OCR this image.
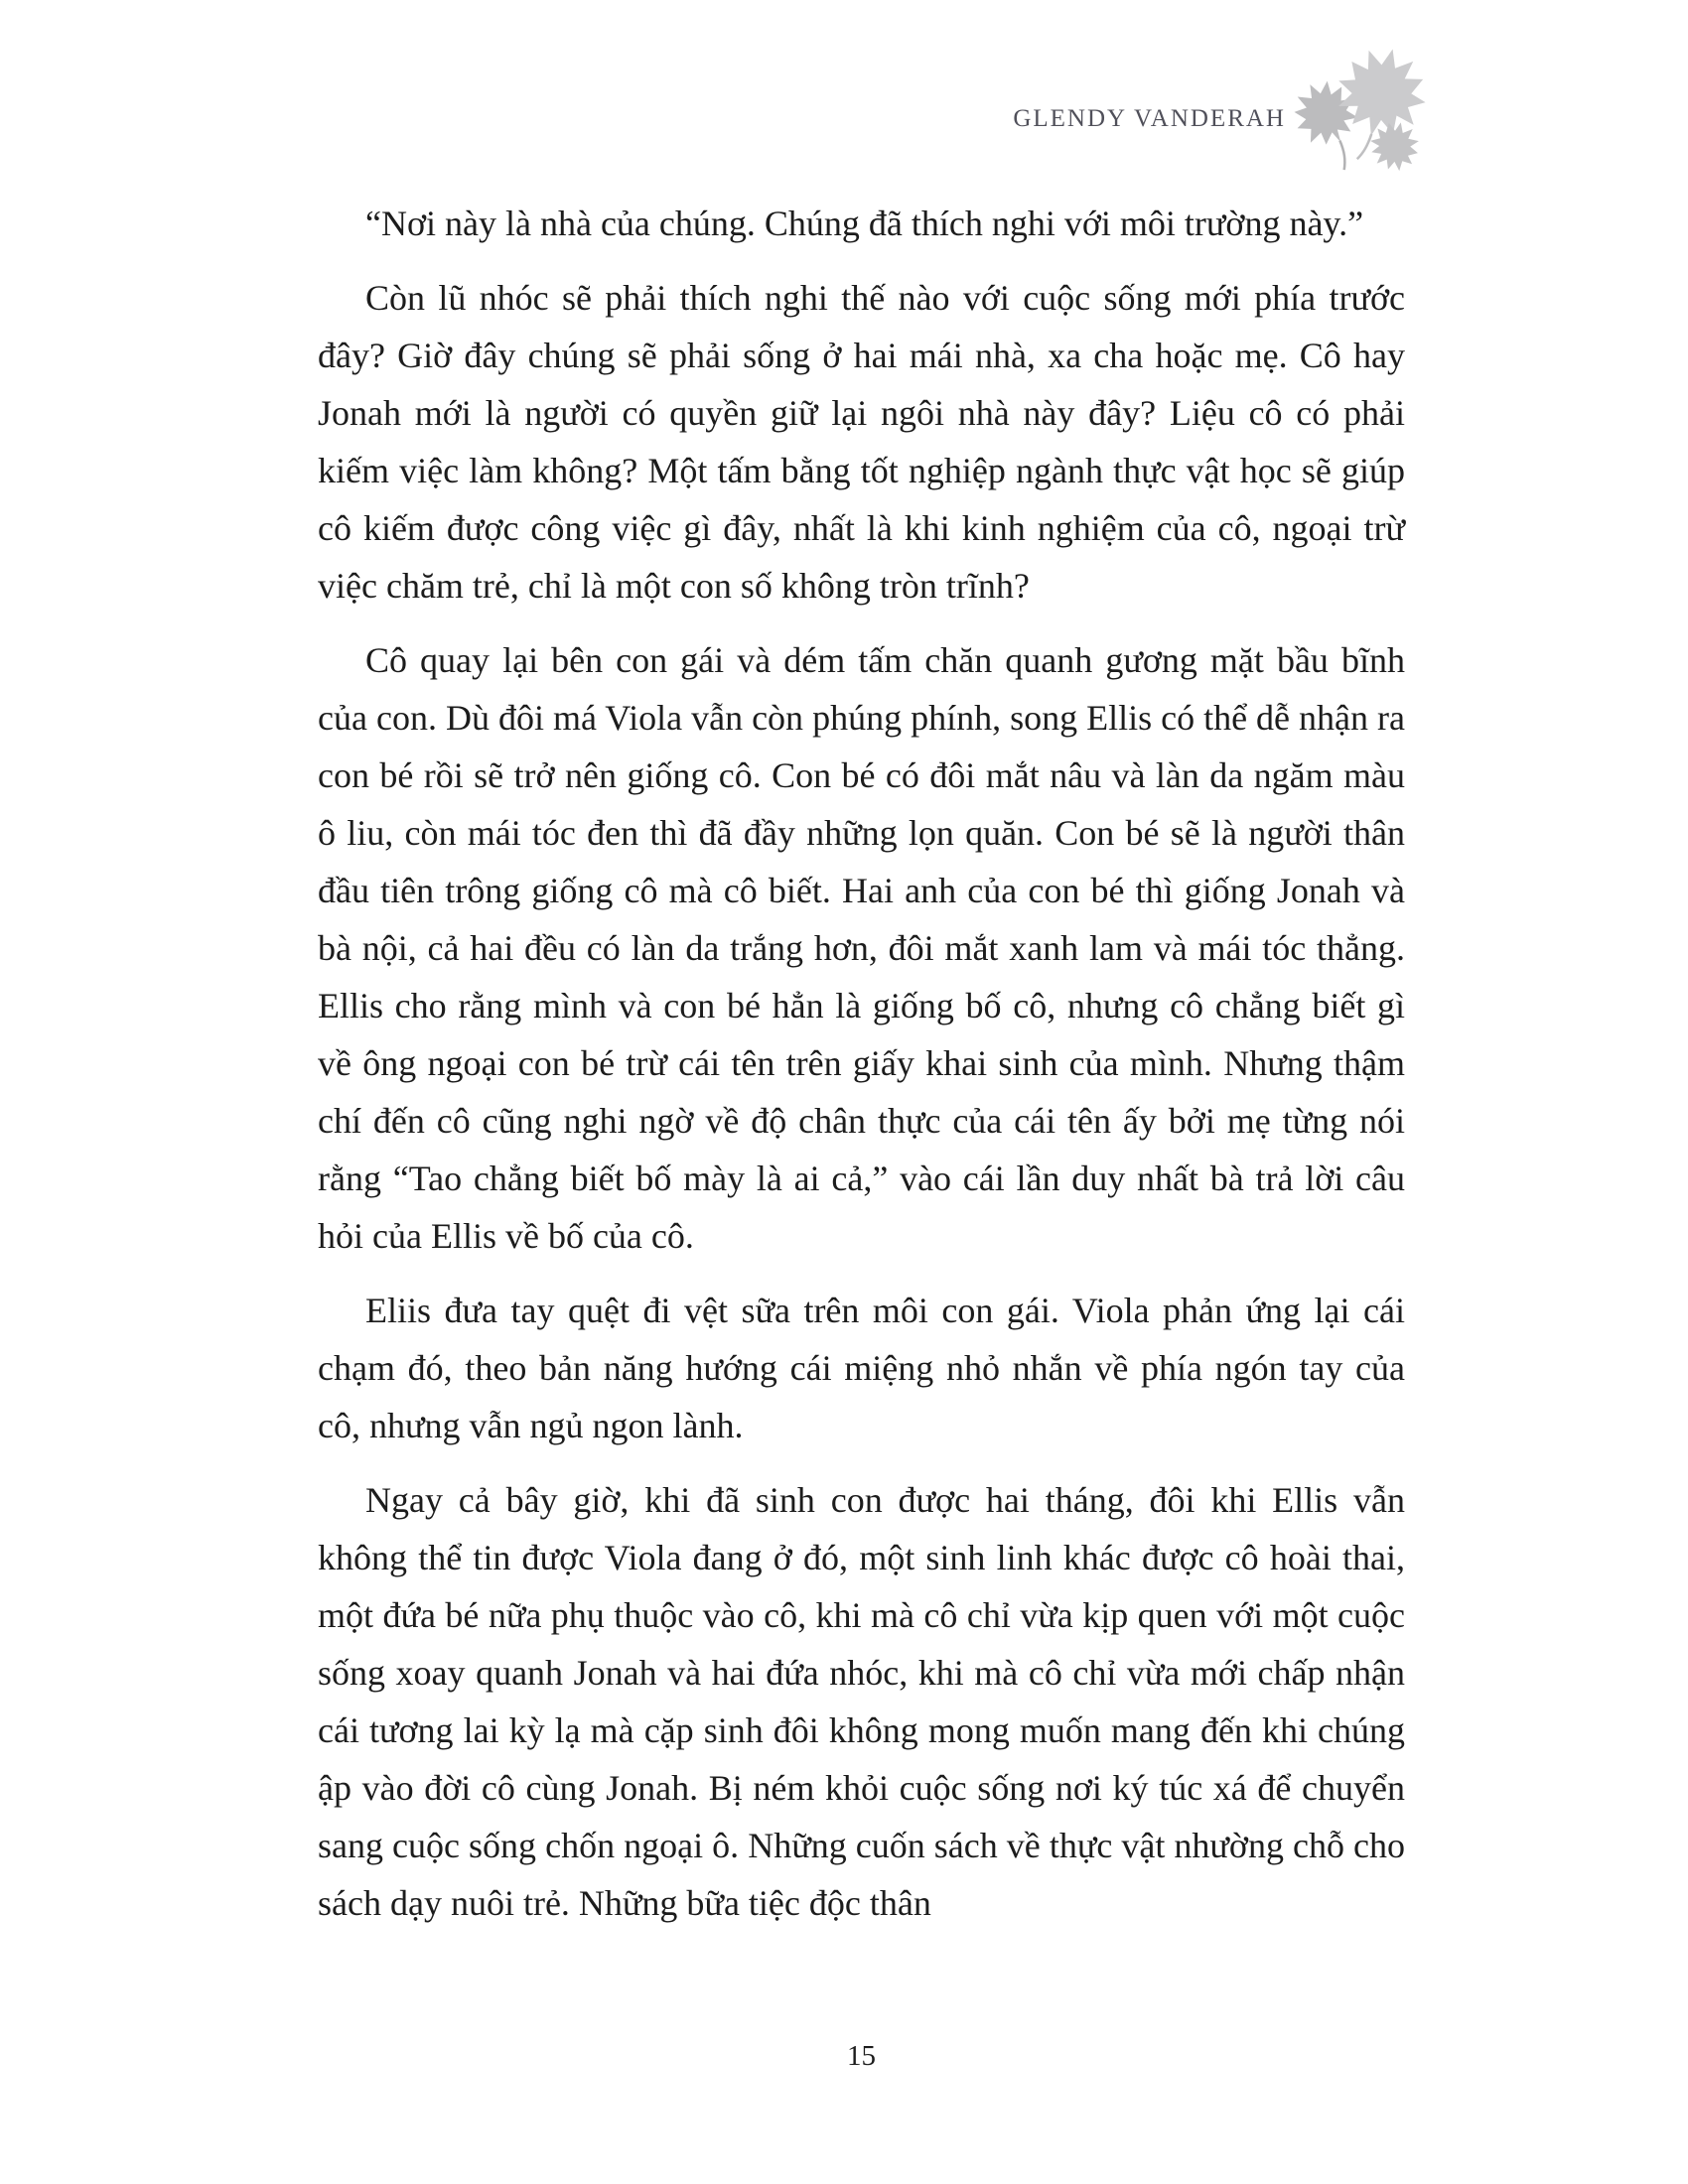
GLENDY VANDERAH

“Nơi này là nhà của chúng. Chúng đã thích nghi với môi trường này.”

Còn lũ nhóc sẽ phải thích nghi thế nào với cuộc sống mới phía trước đây? Giờ đây chúng sẽ phải sống ở hai mái nhà, xa cha hoặc mẹ. Cô hay Jonah mới là người có quyền giữ lại ngôi nhà này đây? Liệu cô có phải kiếm việc làm không? Một tấm bằng tốt nghiệp ngành thực vật học sẽ giúp cô kiếm được công việc gì đây, nhất là khi kinh nghiệm của cô, ngoại trừ việc chăm trẻ, chỉ là một con số không tròn trĩnh?

Cô quay lại bên con gái và dém tấm chăn quanh gương mặt bầu bĩnh của con. Dù đôi má Viola vẫn còn phúng phính, song Ellis có thể dễ nhận ra con bé rồi sẽ trở nên giống cô. Con bé có đôi mắt nâu và làn da ngăm màu ô liu, còn mái tóc đen thì đã đầy những lọn quăn. Con bé sẽ là người thân đầu tiên trông giống cô mà cô biết. Hai anh của con bé thì giống Jonah và bà nội, cả hai đều có làn da trắng hơn, đôi mắt xanh lam và mái tóc thẳng. Ellis cho rằng mình và con bé hẳn là giống bố cô, nhưng cô chẳng biết gì về ông ngoại con bé trừ cái tên trên giấy khai sinh của mình. Nhưng thậm chí đến cô cũng nghi ngờ về độ chân thực của cái tên ấy bởi mẹ từng nói rằng “Tao chẳng biết bố mày là ai cả,” vào cái lần duy nhất bà trả lời câu hỏi của Ellis về bố của cô.

Eliis đưa tay quệt đi vệt sữa trên môi con gái. Viola phản ứng lại cái chạm đó, theo bản năng hướng cái miệng nhỏ nhắn về phía ngón tay của cô, nhưng vẫn ngủ ngon lành.

Ngay cả bây giờ, khi đã sinh con được hai tháng, đôi khi Ellis vẫn không thể tin được Viola đang ở đó, một sinh linh khác được cô hoài thai, một đứa bé nữa phụ thuộc vào cô, khi mà cô chỉ vừa kịp quen với một cuộc sống xoay quanh Jonah và hai đứa nhóc, khi mà cô chỉ vừa mới chấp nhận cái tương lai kỳ lạ mà cặp sinh đôi không mong muốn mang đến khi chúng ập vào đời cô cùng Jonah. Bị ném khỏi cuộc sống nơi ký túc xá để chuyển sang cuộc sống chốn ngoại ô. Những cuốn sách về thực vật nhường chỗ cho sách dạy nuôi trẻ. Những bữa tiệc độc thân

15
